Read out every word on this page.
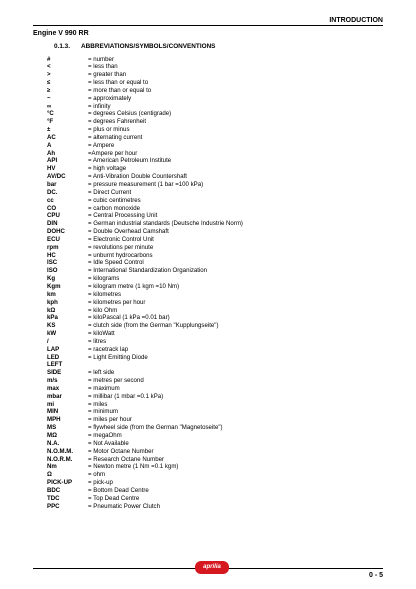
INTRODUCTION
Engine V 990 RR
0.1.3. ABBREVIATIONS/SYMBOLS/CONVENTIONS
#	= number
<	= less than
>	= greater than
≤	= less than or equal to
≥	= more than or equal to
~	= approximately
∞	= infinity
°C	= degrees Celsius (centigrade)
°F	= degrees Fahrenheit
±	= plus or minus
AC	= alternating current
A	= Ampere
Ah	=Ampere per hour
API	= American Petroleum Institute
HV	= high voltage
AV/DC	= Anti-Vibration Double Countershaft
bar	= pressure measurement (1 bar =100 kPa)
DC.	= Direct Current
cc	= cubic centimetres
CO	= carbon monoxide
CPU	= Central Processing Unit
DIN	= German industrial standards (Deutsche Industrie Norm)
DOHC	= Double Overhead Camshaft
ECU	= Electronic Control Unit
rpm	= revolutions per minute
HC	= unburnt hydrocarbons
ISC	= Idle Speed Control
ISO	= International Standardization Organization
Kg	= kilograms
Kgm	= kilogram metre (1 kgm =10 Nm)
km	= kilometres
kph	= kilometres per hour
kΩ	= kilo Ohm
kPa	= kiloPascal (1 kPa =0.01 bar)
KS	= clutch side (from the German "Kupplungseite")
kW	= kiloWatt
/	= litres
LAP	= racetrack lap
LED	= Light Emitting Diode
LEFT
SIDE	= left side
m/s	= metres per second
max	= maximum
mbar	= millibar (1 mbar =0.1 kPa)
mi	= miles
MIN	= minimum
MPH	= miles per hour
MS	= flywheel side (from the German "Magnetoseite")
MΩ	= megaOhm
N.A.	= Not Available
N.O.M.M.	= Motor Octane Number
N.O.R.M.	= Research Octane Number
Nm	= Newton metre (1 Nm =0.1 kgm)
Ω	= ohm
PICK-UP	= pick-up
BDC	= Bottom Dead Centre
TDC	= Top Dead Centre
PPC	= Pneumatic Power Clutch
aprilia
0 - 5
